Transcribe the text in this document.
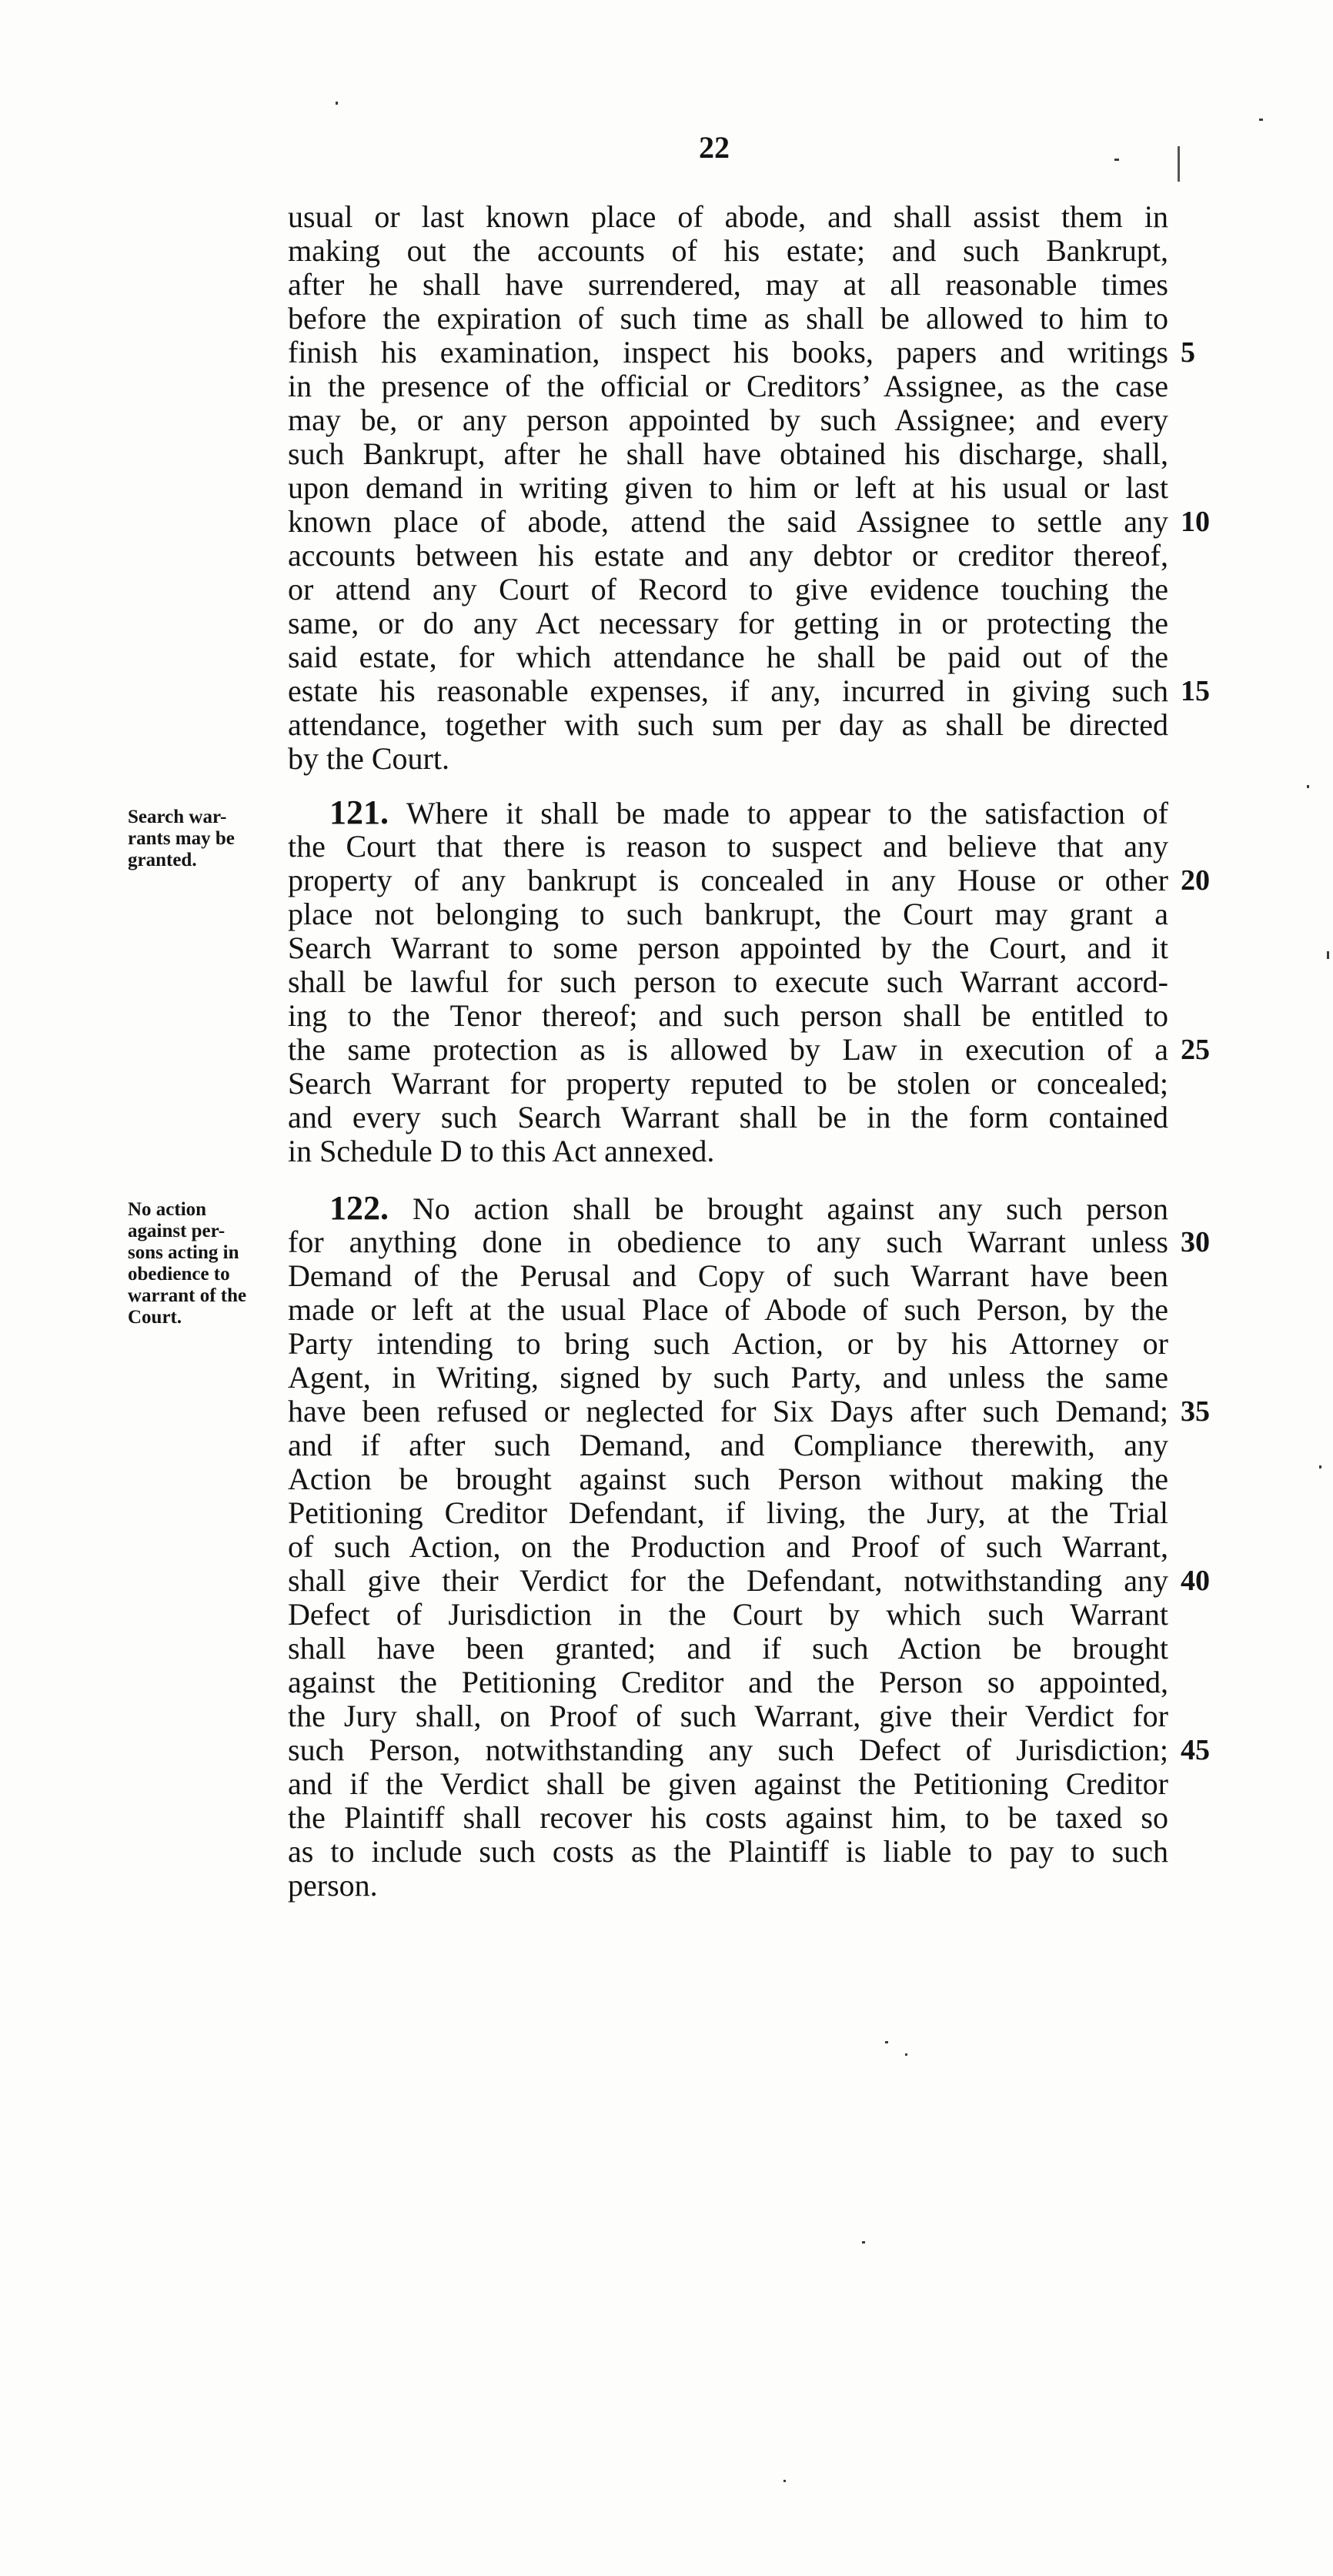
22
usual or last known place of abode, and shall assist them in
making out the accounts of his estate; and such Bankrupt,
after he shall have surrendered, may at all reasonable times
before the expiration of such time as shall be allowed to him to
finish his examination, inspect his books, papers and writings
in the presence of the official or Creditors’ Assignee, as the case
may be, or any person appointed by such Assignee; and every
such Bankrupt, after he shall have obtained his discharge, shall,
upon demand in writing given to him or left at his usual or last
known place of abode, attend the said Assignee to settle any
accounts between his estate and any debtor or creditor thereof,
or attend any Court of Record to give evidence touching the
same, or do any Act necessary for getting in or protecting the
said estate, for which attendance he shall be paid out of the
estate his reasonable expenses, if any, incurred in giving such
attendance, together with such sum per day as shall be directed
by the Court.
Search war-
rants may be
granted.
121. Where it shall be made to appear to the satisfaction of
the Court that there is reason to suspect and believe that any
property of any bankrupt is concealed in any House or other
place not belonging to such bankrupt, the Court may grant a
Search Warrant to some person appointed by the Court, and it
shall be lawful for such person to execute such Warrant accord-
ing to the Tenor thereof; and such person shall be entitled to
the same protection as is allowed by Law in execution of a
Search Warrant for property reputed to be stolen or concealed;
and every such Search Warrant shall be in the form contained
in Schedule D to this Act annexed.
No action
against per-
sons acting in
obedience to
warrant of the
Court.
122. No action shall be brought against any such person
for anything done in obedience to any such Warrant unless
Demand of the Perusal and Copy of such Warrant have been
made or left at the usual Place of Abode of such Person, by the
Party intending to bring such Action, or by his Attorney or
Agent, in Writing, signed by such Party, and unless the same
have been refused or neglected for Six Days after such Demand;
and if after such Demand, and Compliance therewith, any
Action be brought against such Person without making the
Petitioning Creditor Defendant, if living, the Jury, at the Trial
of such Action, on the Production and Proof of such Warrant,
shall give their Verdict for the Defendant, notwithstanding any
Defect of Jurisdiction in the Court by which such Warrant
shall have been granted; and if such Action be brought
against the Petitioning Creditor and the Person so appointed,
the Jury shall, on Proof of such Warrant, give their Verdict for
such Person, notwithstanding any such Defect of Jurisdiction;
and if the Verdict shall be given against the Petitioning Creditor
the Plaintiff shall recover his costs against him, to be taxed so
as to include such costs as the Plaintiff is liable to pay to such
person.
5
10
15
20
25
30
35
40
45
